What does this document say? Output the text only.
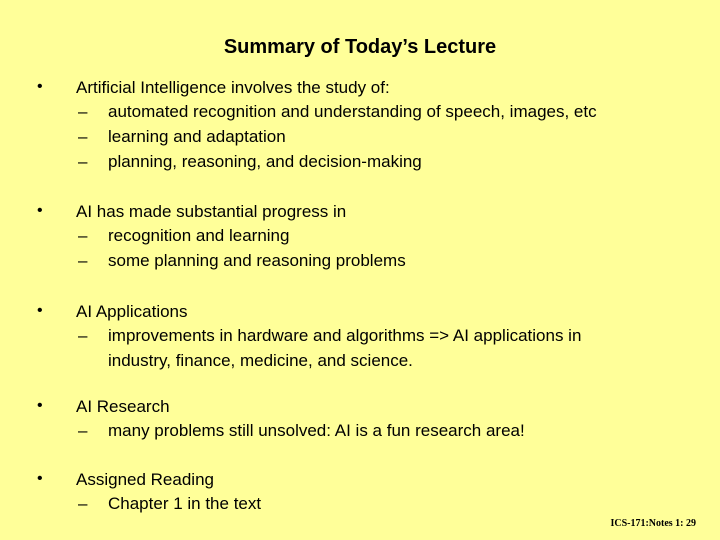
Summary of Today’s Lecture
• Artificial Intelligence involves the study of:
– automated recognition and understanding of speech, images, etc
– learning and adaptation
– planning, reasoning, and decision-making
• AI has made substantial progress in
– recognition and learning
– some planning and reasoning problems
• AI Applications
– improvements in hardware and algorithms => AI applications in
industry, finance, medicine, and science.
• AI Research
– many problems still unsolved: AI is a fun research area!
• Assigned Reading
– Chapter 1 in the text
ICS-171:Notes 1: 29
